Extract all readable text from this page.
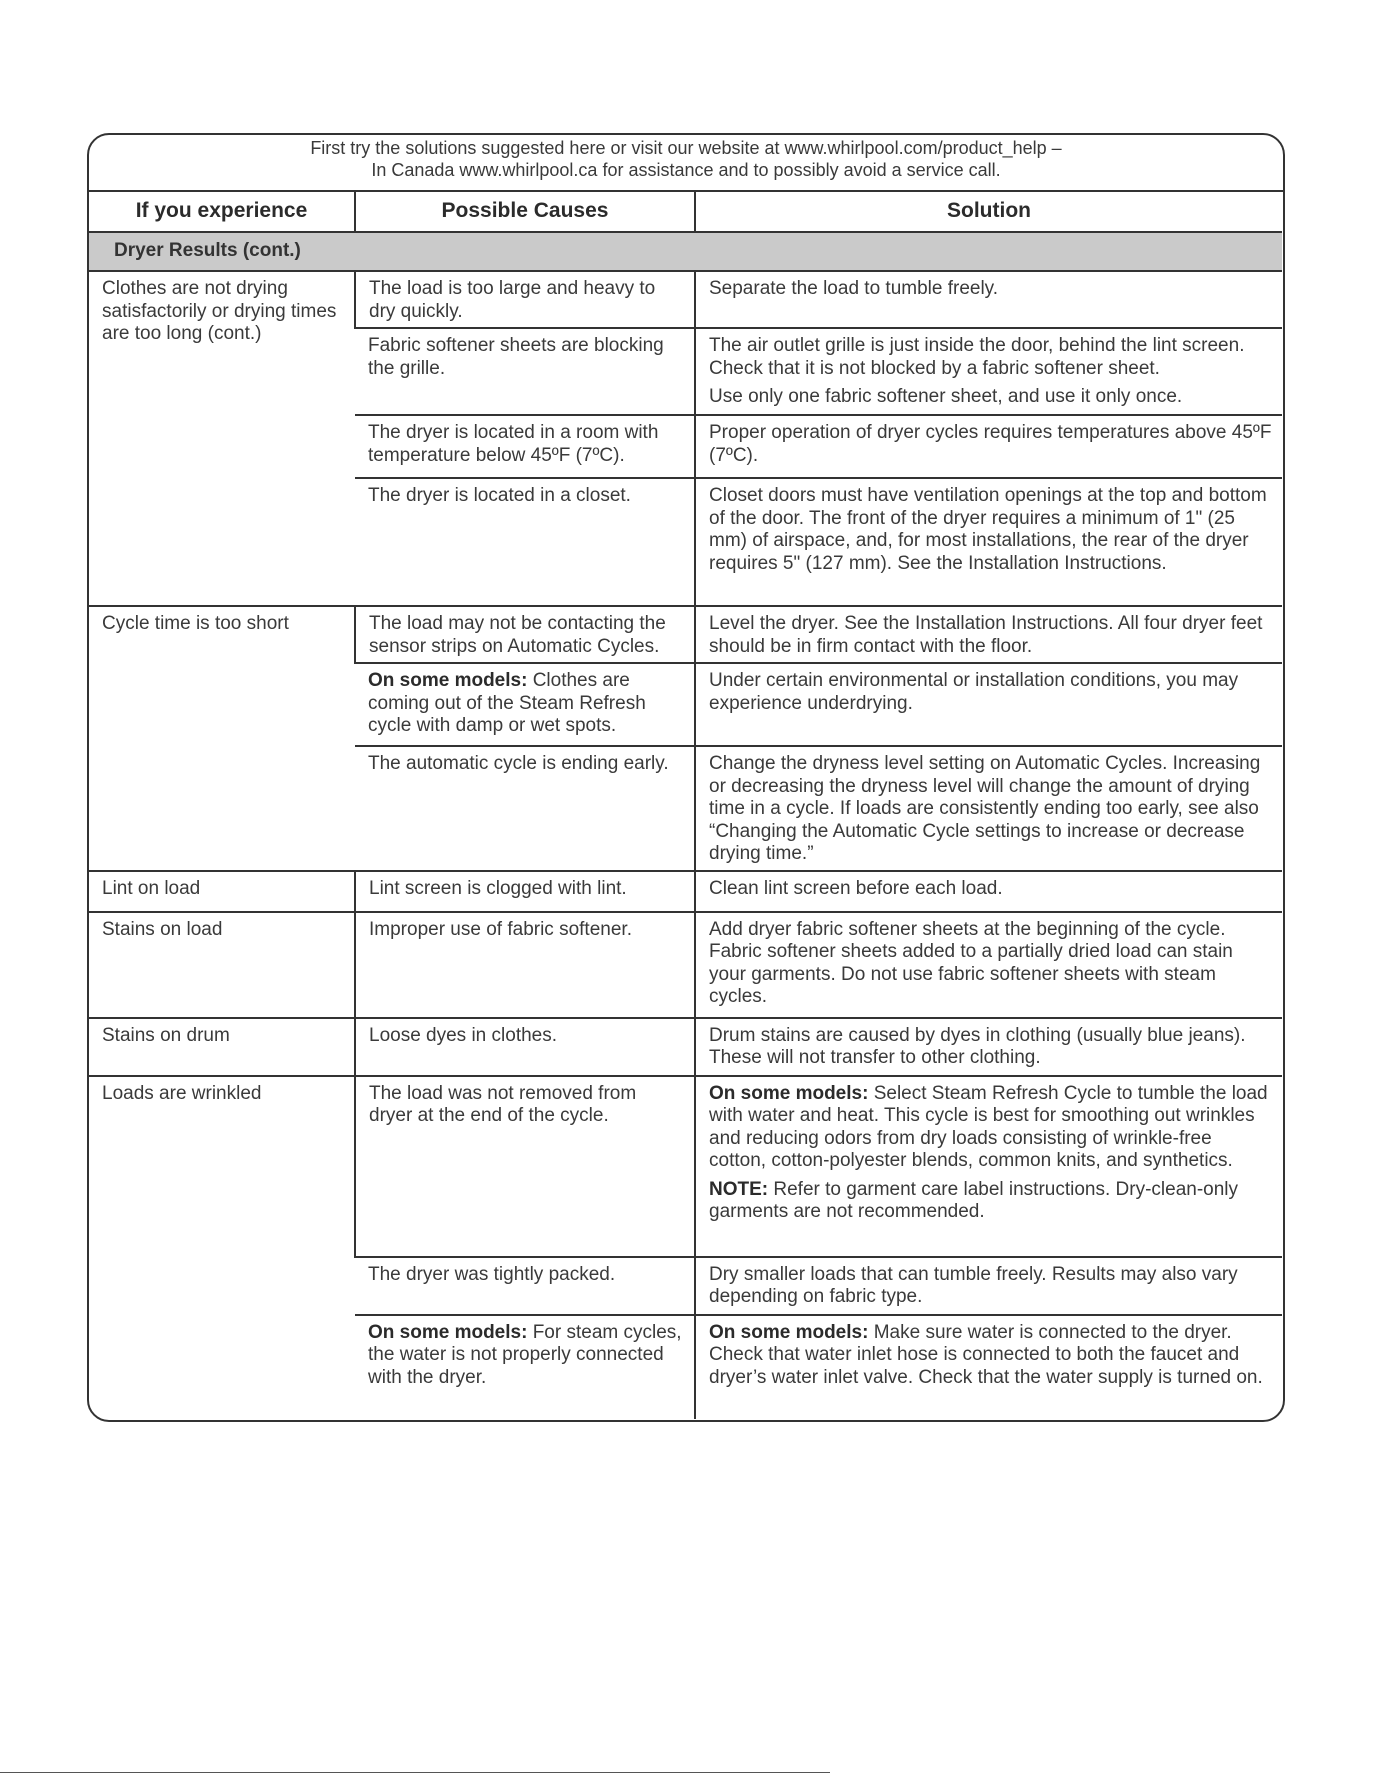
First try the solutions suggested here or visit our website at www.whirlpool.com/product_help –
In Canada www.whirlpool.ca for assistance and to possibly avoid a service call.
If you experience	Possible Causes	Solution
Dryer Results (cont.)		
Clothes are not drying satisfactorily or drying times are too long (cont.)	The load is too large and heavy to dry quickly.	Separate the load to tumble freely.
	Fabric softener sheets are blocking the grille.	The air outlet grille is just inside the door, behind the lint screen. Check that it is not blocked by a fabric softener sheet.
Use only one fabric softener sheet, and use it only once.

	The dryer is located in a room with temperature below 45ºF (7ºC).	Proper operation of dryer cycles requires temperatures above 45ºF (7ºC).
	The dryer is located in a closet.	Closet doors must have ventilation openings at the top and bottom of the door. The front of the dryer requires a minimum of 1" (25 mm) of airspace, and, for most installations, the rear of the dryer requires 5" (127 mm). See the Installation Instructions.
Cycle time is too short	The load may not be contacting the sensor strips on Automatic Cycles.	Level the dryer. See the Installation Instructions. All four dryer feet should be in firm contact with the floor.
	On some models: Clothes are coming out of the Steam Refresh cycle with damp or wet spots.	Under certain environmental or installation conditions, you may experience underdrying.
	The automatic cycle is ending early.	Change the dryness level setting on Automatic Cycles. Increasing or decreasing the dryness level will change the amount of drying time in a cycle. If loads are consistently ending too early, see also “Changing the Automatic Cycle settings to increase or decrease drying time.”
Lint on load	Lint screen is clogged with lint.	Clean lint screen before each load.
Stains on load	Improper use of fabric softener.	Add dryer fabric softener sheets at the beginning of the cycle. Fabric softener sheets added to a partially dried load can stain your garments. Do not use fabric softener sheets with steam cycles.
Stains on drum	Loose dyes in clothes.	Drum stains are caused by dyes in clothing (usually blue jeans). These will not transfer to other clothing.
Loads are wrinkled	The load was not removed from dryer at the end of the cycle.	On some models: Select Steam Refresh Cycle to tumble the load with water and heat. This cycle is best for smoothing out wrinkles and reducing odors from dry loads consisting of wrinkle-free cotton, cotton-polyester blends, common knits, and synthetics.
NOTE: Refer to garment care label instructions. Dry-clean-only garments are not recommended.

	The dryer was tightly packed.	Dry smaller loads that can tumble freely. Results may also vary depending on fabric type.
	On some models: For steam cycles, the water is not properly connected with the dryer.	On some models: Make sure water is connected to the dryer. Check that water inlet hose is connected to both the faucet and dryer’s water inlet valve. Check that the water supply is turned on.
